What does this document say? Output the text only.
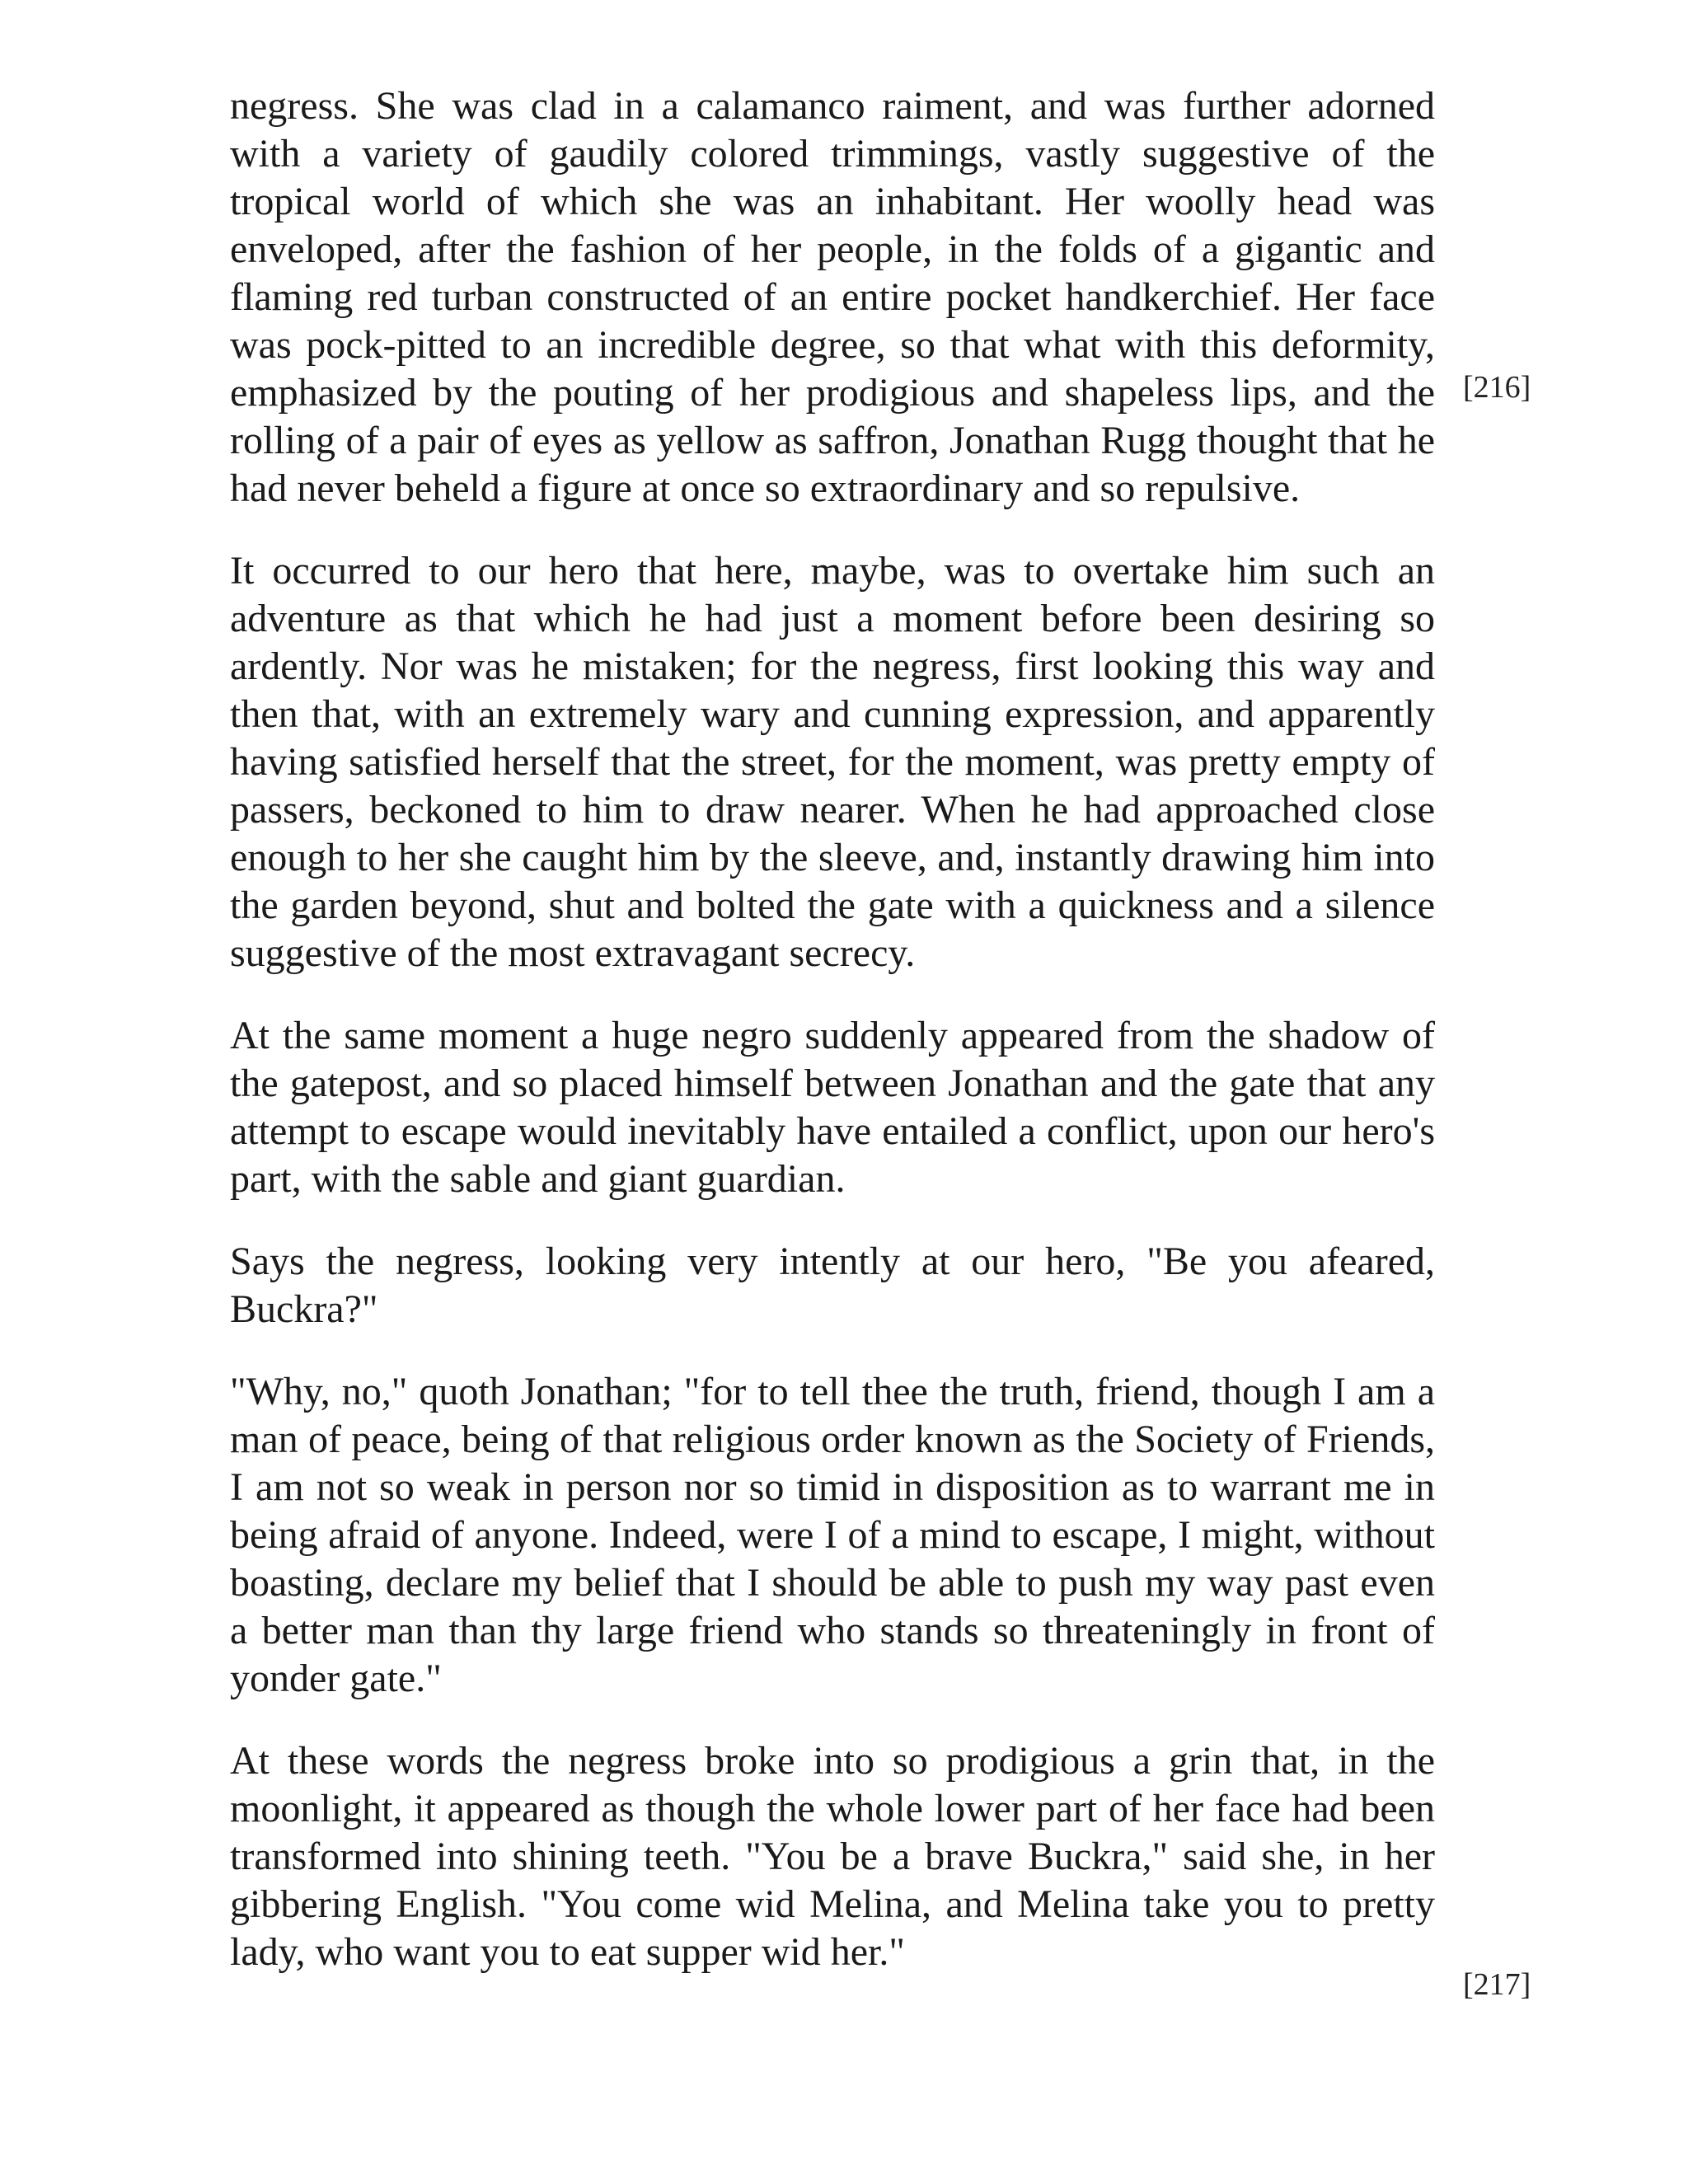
negress. She was clad in a calamanco raiment, and was further adorned with a variety of gaudily colored trimmings, vastly suggestive of the tropical world of which she was an inhabitant. Her woolly head was enveloped, after the fashion of her people, in the folds of a gigantic and flaming red turban constructed of an entire pocket handkerchief. Her face was pock-pitted to an incredible degree, so that what with this deformity, emphasized by the pouting of her prodigious and shapeless lips, and the rolling of a pair of eyes as yellow as saffron, Jonathan Rugg thought that he had never beheld a figure at once so extraordinary and so repulsive.

It occurred to our hero that here, maybe, was to overtake him such an adventure as that which he had just a moment before been desiring so ardently. Nor was he mistaken; for the negress, first looking this way and then that, with an extremely wary and cunning expression, and apparently having satisfied herself that the street, for the moment, was pretty empty of passers, beckoned to him to draw nearer. When he had approached close enough to her she caught him by the sleeve, and, instantly drawing him into the garden beyond, shut and bolted the gate with a quickness and a silence suggestive of the most extravagant secrecy.

At the same moment a huge negro suddenly appeared from the shadow of the gatepost, and so placed himself between Jonathan and the gate that any attempt to escape would inevitably have entailed a conflict, upon our hero's part, with the sable and giant guardian.

Says the negress, looking very intently at our hero, "Be you afeared, Buckra?"

"Why, no," quoth Jonathan; "for to tell thee the truth, friend, though I am a man of peace, being of that religious order known as the Society of Friends, I am not so weak in person nor so timid in disposition as to warrant me in being afraid of anyone. Indeed, were I of a mind to escape, I might, without boasting, declare my belief that I should be able to push my way past even a better man than thy large friend who stands so threateningly in front of yonder gate."

At these words the negress broke into so prodigious a grin that, in the moonlight, it appeared as though the whole lower part of her face had been transformed into shining teeth. "You be a brave Buckra," said she, in her gibbering English. "You come wid Melina, and Melina take you to pretty lady, who want you to eat supper wid her."

[216]
[217]
